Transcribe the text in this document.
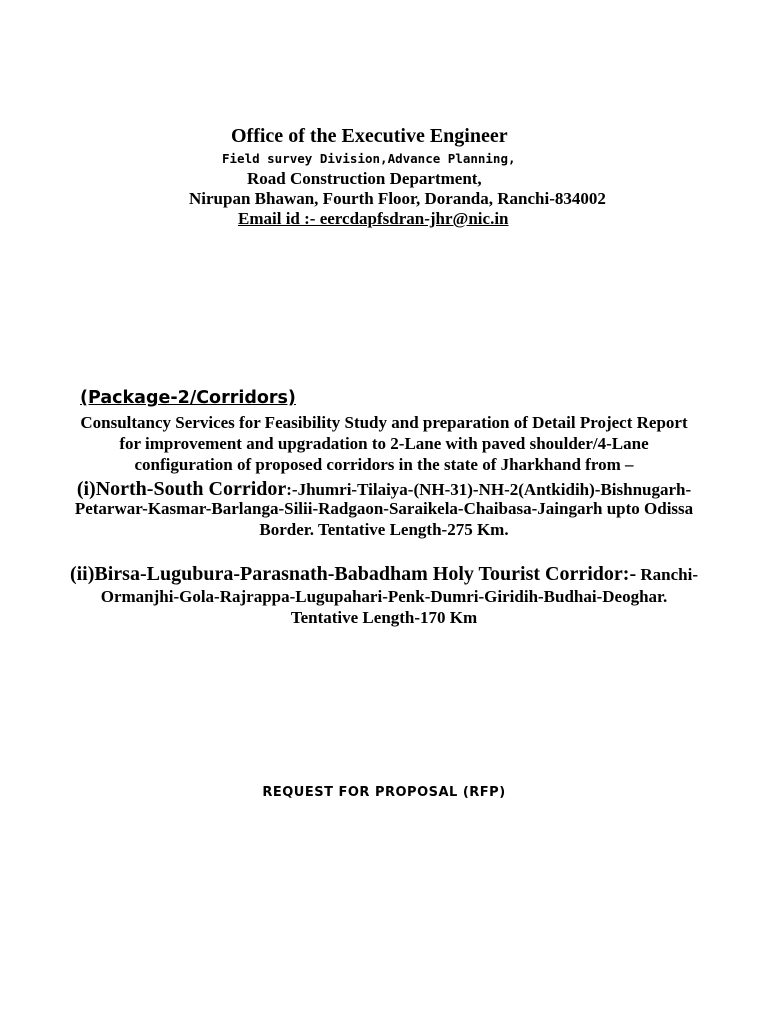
Office of the Executive Engineer
Field survey Division,Advance Planning,
Road Construction Department,
Nirupan Bhawan, Fourth Floor, Doranda, Ranchi-834002
Email id :- eercdapfsdran-jhr@nic.in
(Package-2/Corridors)
Consultancy Services for Feasibility Study and preparation of Detail Project Report
for improvement and upgradation to 2-Lane with paved shoulder/4-Lane
configuration of proposed corridors in the state of Jharkhand from –
(i)North-South Corridor:-Jhumri-Tilaiya-(NH-31)-NH-2(Antkidih)-Bishnugarh-
Petarwar-Kasmar-Barlanga-Silii-Radgaon-Saraikela-Chaibasa-Jaingarh upto Odissa
Border. Tentative Length-275 Km.
(ii)Birsa-Lugubura-Parasnath-Babadham Holy Tourist Corridor:- Ranchi-
Ormanjhi-Gola-Rajrappa-Lugupahari-Penk-Dumri-Giridih-Budhai-Deoghar.
Tentative Length-170 Km
REQUEST FOR PROPOSAL (RFP)
